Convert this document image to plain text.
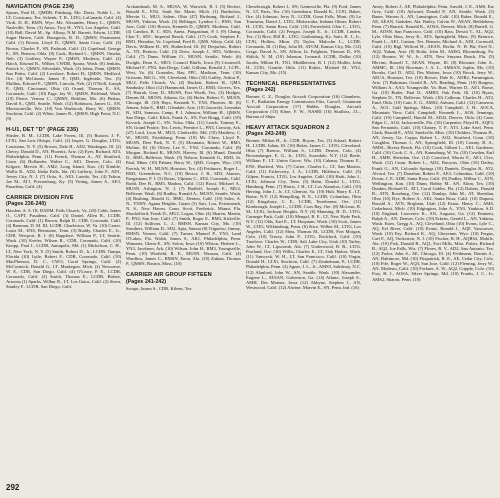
NAVIGATION (PAGE 234)

Spears, Paul H., QMDR, Pittsburg, Mo. Davis, Noble L., Jr. LT, Corsicana, Tex. Schenk, T. R., LTJG, LaCanada, Calif. (4) Virdi, D. H., RMN, Wyo. Me. Alexander, Henry L., QMSN, Nashville, Tenn. (3) Amos, Troy H., YN3, Los Angeles, Calif. (10) Ball, David M., Sp. Allsop, N.M. Barrett, Edwin, LCDR, Sugar Haven, Calif. Bourgeois, R. D., QMSN, Paramount, Calif. (1) Brown, Lloyd D., QMSN, Santa Cruz, Calif. (3) Brown, Charles F., SN, Paducah, Calif. (1) Copeland, George E., SN, Benson, Okla. (8) Cook, Richard L., QMSN, Omaha, Neb. (3) Godfrey, Wayne P., QMSN, Modesto, Calif. (2) Hatch, Edward B., Wilber, CWDR, Sparta, Wash. (6) Jenkins, Patrick S., QMSN, Silverdale, Wash. (3) Johns, Penn, QMSN, San Pedro, Calif. (2) Lovelace, Robert H., QMSN, Medford, Ore. (4) McGinnis, James P., QM3, Ingleside, Tex. (5) Mullins, Edward E., QMSN, Lincoln, Neb. (2) O'Neill, Joseph P., QM3, Cincinnati, Ohio (4) Orand, Thomas E., SA, Coronado, Calif. (10) Page, Jay W., QMSN, Richland, Wash. (10) Pierce, Vernon C., QMSN, Birkline, Mo. (6) Pinkus, David A., QM3, Seattle, Wash. (12) Robinson, James G., SN, Morrisonville, Wis. (10) Von Warbrook, Harry W., QMSN, Stockton, Calif. (2) White, James B., QMSN, High Point, N.C. (9)

H-U1, DET "D" (PAGE 235)

Shisler, R. M., LCDR, Lake Forest, Ill. (5) Buxton, J. F., LTJG, San Luis Obispo, Calif. (2) Jasper, G. Douglas, LTJG, Louisiana, N. Y. (5) Brown, Dale H., AD2, Waukegan, Ill. (2) Cherry, Donald D., AN, Phoenix, Ariz. (2) Eyer, Richard, AT3, Philadelphia, Penn. (11) French, Thomas A., AT, Stratford, Conn. (6) Hollander, Walter C., AE1, Denver, Colo. (4) Kilgore, Mervin H., AM2, Long Island, Kan. (4) Kimble, Wallis R., AD2, Idaho Falls, Ida. (6) Lafferty, John F., AD1, Jersey City, N. J. (7) Ortiz, S., AE3, Laredo, Tex. (4) Tafton, Joe M., AT1, Prestonburg, Ky. (3) Vining, James A., AE3, Pasadena, Calif. (4)

CARRIER DIVISION FIVE

(Pages 236-240)

Hasslen, A. S. III, RADM, Falls Church, Va. (20) Cobb, James O., CAPT, Pasadena, Calif. (3) Daniel, Allen B., LCDR, Coronado, Calif. (1) Brown, Ralph D., CDR, Coronado, Calif. (4) Brennan, D. M. III, LCDR, Charleston, W. Va. (10) Caster, Louis M., ENS, Bernstone, Tenn. (3) Ruddy, Charles E., Jr., CDR, Newport, R. I. (6) Rappleye, William P., LT, Seattle, Wash. (10) Keefer, Wilson R., CDR, Coronado, Calif. (10) Knopp, Paul J., LCDR, Annapolis, Md. (1) Mickelson, C. H., LT, New York, N. Y. (5) Smith, Robert D., Jr., LCDR, Tampa, Florida (10) Lytle, Robert F., CDR, Coronado, Calif. (10) MacPherson, D. C., CWO, Coral Springs, Calif. (2) McCormick, Donald G., LT, Muskegon, Mich. (2) Newsome, W. E., CDR, San Diego, Calif. (4) O'Leary, P. E., LCDR, Coronado, Calif. (2) Smith, Thomas E., LCDR, Bisbee, Arizona (1) Sparks, Wilbur R., LT, Los Gatos, Calif. (2) Steen, Stanley F., LCDR, San Diego, Calif.

Archambault, M. A., MUSA, W. Warwick, R. I. (5) Becker, Ronald E., EN2, Sault Ste. Marie, Mich. (1) Bartholow, Mervin G., MU3, Salem, Ohio (47) Birdsong, Richard J., MUSN, Yakima, Wash. (3) Bellinger, Lyndon C., RM1, San Jose, Calif. (10) Brown, Kenneth D., QMSN, Modesto, Calif. (4) Cantlon, B. C. SD3, Aneta, Pangasinan, P. I. (9) Chang, Chai T., SDC, Imperial Beach, Calif. (17) Cook, Stephen F., RM1, Herndon, Va. Copeland, Fred R., QMS, Valejo, Calif. (4) Davis, William H., SN, Rutherford, Ill. (8) Desjarlais, Robert A., TN, Benicia, Calif. (3) Drew, Joseph J., SD3, Vallecito, Calif. (7) Dunn, William O., MUSN, Seattle, Wash. (6) Dwight, Dean A., MU3, Council Bluffs, Iowa (9) Cromwell, Michael F., PN3, San Diego, Calif. Gilliam, Ronald J., LCPL, West, Va. (6) Gonzales, Ray, FPC, Madison, Tenn. (10) Grissom, Bill G., SN, Cleveland, Ohio (10) Guffey, Arthur P., MU2, Falls Church, Va. (4) Hackett, Robert H., QM3, Sandusky, Ohio (12) Hammond, James O., RM3, Groves, Tex. (7) Harrah, Gary D., MUSN, Fort Worth, Tex. (3) Hodges, Dennis M., MUSN, Atlanta, Ga. (6) Hofer, Robert V., MUSN, Chicago, Ill. (10) Hays, Kenneth V., YN3, Phoenix, Ill. (6) Jensen, John E., RM1, Glendale, Ariz. (10) Jaworski, Leonidas B., SD3, Samson, Camp, P. I. Johnson, William H., QMSN, San Diego, Calif. Klick, Frank A., SN, Fort Bragg, Calif. (10) Kovach, Joseph C., SN, Tulsa, Okla. (11) Leach, Tommy E., SN, Grand Prairie, Tex. Lewis, Prentice L., PN3, Conway, Ark. (27) Lord, Leon M., MU3, Clarksville, Md. (10) Matthew, C. W., MUSN, Friedsburg, Penn. (10) Mc Chew, Lloyd P., MUSN, Deer Park, N. Y. (5) Mountain, Robert W., RM3, Moline, Ill. (6) Oliver, Lee S., YN2, Coronado, Calif. (8) Morgan, Richard R., MUSN, Harvey, Ill. (6) Mund, Donald D., RM3, Bellevue, Wash. (5) Nelson, Kenneth G., BM3, St. Paul, Minn. (10) Palmer, Barry W., QM3, Cooper, Wyo. (10) Parrish, W. H., MUSN, Houston, Tex. (4) Pridmore, Roger L., RM3, Greensboro, N.C. (10) Rector, J. R., SD3, Alamos, Pangasinan, P. I. (5) Rosas, Ulpiano C., SD2, Coronado, Calif. Rodd, Dee B., RM3, Madras, Calif. (12) Rossi, Michael A., MUSN, Arlington, N. J. (7) Rudloff, Joseph E., MU2, Bellevue, Wash. (6) Rudley, Ronald A., MUSN, Seattle, Wash. (4) Rushing, Harold G., BMC, Denton, Calif. (10) Sales, A. N., YNSN, Agana Heights, Guam (3) Sari, Lou, Portsmouth, N. S., New Haven, Conn. Scott, Frederick, Miami, Fla. Shackelford, Frank D., MU2, Logan, Ohio (4) Skaren, Martin, P., PN2, San Jose, Calif. (7) Smith, Roger E., RM3, Kirkville, Ill. (12) Sullivan, L. J., RMSN, Kansas City, Mo. (10) Struthers, William D., SD2, Apia, Samoa (8) Trigueiro, Jimmy, RMSN, Vernon, Calif. (7) Turner, Manuel P., YN3, Land O'Lakes, Fla. Walsh, James S., AK1, Philadelphia, Penn. Wanuner, Glenn E., SN, Solon, Iowa (10) Wilson, Herbert L., YN3, Jacobsen, Ark. (10) Wilson, John H., RM3, Youngsville, Penn. (10) Winfield, R. E., MUSN, Wausau, Calif. (4) Wardlow, James C., RMSN, Enon, Ala. (10) Zakian, Thomas P., QMSN, Boston, Mass. (10)

CARRIER AIR GROUP FIFTEEN

(Pages 241-242)

Swope, James S., CDR, Kileen, Tex.

Chesebrough, Robert J., SN, Gainesville, Fla. (9) Ford, James N., LT, Paris, Tex. (10) Greenburn, Donald K., LTJG, Baker, Ore. (4) Johnson, Jerry N., LCDR, Great Falls, Mont. (9) Le Tourneau, David J., LTJG, Mishawaka, Indiana Olmer, Robert H., LTJG, Santa Rosa, Calif. (10) Porterfield, Glen C., LTJG, Coronado, Calif. (2) Feegan, Joseph E., Jr., LCDR, Linden, Tex. (1) Rice, Bill R., LTJG, Gatlinsburg, Ky. Satti, R. J., Jr., LTJG, Hollins, Minn. (5) Taylor, Malcolm L., LCDR, Coronado, Ill. (1) Ray, John M., AYCM, Kansas City, Mo. (12) Crage, David A., SN, Affton, Ia. Fulghum, Thomas D., SN, Shiloh, N. M. (10) Johnson, Leonard, LCDR, Dallas (10) Jacobs, Milton H., TN1, Middletown, R. I. (12) Mullin, John H., LTJG, Granite, Okla. (11) Rokitz, Michael M., YN2, Kansas City, Mo. (15)

TECHNICAL REPRESENTATIVES

(Pages 242)

Bonner, C. Z., Douglas Aircraft Corporation (16) Chambers, C. F., Radiation Energy Commission Fitts, Carroll, Grumman Aircraft Corporation (17) Hubbs, Douglas, Aircraft Corporation (13) Kline, F. W., NASRI (16) Skulltiss, J.L., Bureau of Ships

HEAVY ATTACK SQUADRON 2

(Pages 243-249)

Bremer, Milton H., Jr., CDR, Boyon, Tex. (3) Schaaf, Robert H., LCDR, Julian, Ill. (10) Baker, James C., LTJG, Cleveland, Ohio (7) Bartow, William S., LCDR, Denver, Colo. (4) Brownsbarger, E. G., Jr., LTJG, Scarsdale, N.Y. (12) Beale, William F., LT, Union Grove, Wis. (10) Cabana, Thomas E., ENS, Hartford, Wis. (7) Carter, Charles L., LT, San Marino, Calif. (11) Etcheverry, J. A., LCDR, Hillsboro, Calif. (5) Gilpen, Francis, LTJG, Los Angeles, Calif. (10) Hark, John J., LTJG, Johnson City, Tenn. (5) Hahn, Donald L., LTJG, Hamburg, Penn. (7) Harris, J. H., LT, Los Alamitos, Calif. (10) Herring, John J., Jr., LT, Glenvar, Va. (10) Hult, Harry E., LT, Rome, N.Y. (12) Hempfling, R. E., LCDR, Columbus, Ohio (12) Kingsbury, C. E., LCDR, Terrebonne, Ore. (11) Kimbrough, Joseph L., LCDR, Coos Bay, Ore. (8) McLean, R. M., LTJG, Jackson Heights, N.Y. (6) Manning, H. D., LTJG, Carnegie Park, Calif. (10) Mengel, R. E., LT, New Hyde Park, N.Y. (12) Olds, Earl E., LT, Hoquiam, Wash. (10) Scott, James W., LTJG, Wilkinsburg, Penn. (6) Stice, Wilber M., LTJG, Los Angeles, Calif. (12) Shea, Thomas M., LCDR, Fort Morgan, Colo. (10) Tracey, John P., LTJG, Rockford, Calif. (10) Truelove, Charles W., CDR, Salt Lake City, Utah (10) Tarley, John W., LT, Lipscomb, Ala. (7) Underwood, B. R., LTJG, Portland, Ore. (10) Willis, Charles E., LT, Oak Harbor, Wash. (11) Vanwyck, W. H., LT, San Francisco, Calif. (10) Virgin, Donald H., LTJG, Stockton, Calif. (7) Zimbelman, P., LCDR, Philadelphia, Penn. (4) Agner, J. L., Jr., AMS3, Salisbury, N.C. (12) Alanlord, John W., AN, Seattle, Wash. (10) Alexander, Eugene L., ATSAN, Galveston, Ga. (14) Alfano, Joseph S., AMH, Des Moines, Iowa (12) Akbyne, Stephen J., AN, Westwood, Calif. (12) Alwine, Marvin E., SN, Penn, Ind. (16)

Amey, Robert J., AE, Philadelphia, Penn. Arnold, J. E., AMS, Ear Grey, Calif. (10) Aylward, Donald P., AN, Seattle, Wash. (5) Bauer, Warren A., AN, Lansington, Calif. (10) Baker, Ronald E., AE, AEAN, Gadsden, Ala. Bailey, Calvin W., AEAN, Bethlehem, Penn. (7) Barrick, Ronald K., AOSA, Denver, Mich. (8) Bartell, G. M., AOSN, San Francisco, Calif. (10) Bass, Dewitt T., AL, AQ2, Lyle, Ohio Bass, Jerry K., ATS, Springfield, Mass. (9) Beatrice, Frank L., AE1, Canton, Tex. Benson, Michael A., ADJ, Cornwall, Calif. (10) Bigl, Wilford H., AEAN, Berlin, N. H. Bir, Fred N., AQ2, Yuban, Ariz. (8) Bolin, John M., AMS3, Bloomsburg, Pa. (12) Bourne, W. W., Jr., ATN, New Smyrna Beach, Fla. (5) Blevins, Russell T., AEAN, Wayne, Ill. (8) Blossner, John A., AMMC, Ill. (16) Bowman, J. A. L., AMSAN, Joplin, Mo. (10) Brooks, Carl D., AD2, Des Moines, Iowa (10) Brock, Jerry W., AECA, Houston, Tex. (10) Brown, Dale K., ADR2, Farmington, Ariz. (7) Buhrman, Gerald R., AN, Reading, Penn. (10) Burgess, William A., AA3, Youngsville, Va. Burt, Warren D., AE1, Rome, Ga. (10) Butler, Paul D., AMH3, Oak Park, Ill. (10) Byars, Stephen D., TN, Bellevue, Wash. (10) Calhoun, Charles H., AT2, Enid, Okla. (10) Cain, E. G., AMS2, Auburn, Calif. (12) Cameron, A., AO1, Gulf Springs, Mass. (10) Campbell, J. H., AOCA, Mountain View, Calif. Campbell, Kenneth L., AOS, Jennings, Calif. (10) Campbell, Harold M., ADJ2, Denver, Okla. (4) Cane, Edgar C., AO2, Jacksonville, Fla. (10) Carpenter, Floyd H., AQF3, San Fernando, Calif. (10) Chaney, T. F., AT3, Lake Ariel, Penn. Clark, Harold E., AN2, Starkville, Miss. (10) Childers, Thomas H., AN, Jersey, Ga. Coppa, Robert L., AO2, Stratford, Conn. (10) Coughlin, Thomas J., AN, Springfield, Ill. (10) County, B. A., AMSL, Rivera Beach, Fla. (10) Cook, Gilbert L., AE1, Gardener, Calif. (10) Cook, C. A., AN, Kannaburg, W. Va. (10) Cowden, Earl H., AMH, Sheridan, Ore. (12) Crawford, Morris E., AE1, Cleo, Wash. (12) Crum, Robert L., AD2, Bucyrus, Ohio (10) Dailey, Frank G., AN, Colorado Springs (10) Daniels, Douglas R., AT2, Alvord, Tex. (7) Donahue, Robert E., AE3, Columbus, Calif. (10) Doran, J. P., ADR, Santa Rosa, Calif. (9) Dudley, Wilbur C., ATN, Wellington, Kan. (10) Dunn, Bobby M., AN, Alton, Tex. (10) Dunkin, Richard D., AT1, Coral Gables, Fla. (12) Dubois, Donald R., ATN, Roseburg, Ore. (12) Dunlap, John M., AT, Sheridan, Ohio (10) Dye, Robert A., AE2, Santa Rosa, Calif. (10) Dupont, Ronald A., ATN, Brigham, Utah (12) Eaton, Henry C., AMS, Cedarhurst, Mich. (10) Edgington, John A., YN3, Yankton, S.D. (10) England, Lawrence K., AN, Augusta, Ga. (12) Eminent, Ralph A., AN, Denver, Colo. (10) Erkens, Gerald L., AN, Yakima, Wash. Estes, Gregg A., AQ, Cleveland, Ohio (10) Evans, Lyle C., AQ, Eel River, Calif. (10) Evans, Ronald J., AQF, Vancouver, Wash. (10) Fay, Richard K., AQ, Cheyenne, Wyo. (10) Fergus, Carl F., AQ, Tuckerton, N. J. (10) Fischer, R. H., AQRS2, Mobile, Ala. (10) Fisk, Donald R., AQ1, Fort Mills, Miss. Fisher, Richard R., AQ2, Joe Falls, Wis. (7) Flores, R. V., AD2, San Antonio, Tex. (12) Fodor, John S., AE, Chicago, Ill. (4) Feldmann, Dennis A., AN, Baltimore, Md. (10) Fitzpatrick, R. E., AE, Cedar City, Colo. (10) Fife, Roger W., AQ3, San Jose, Calif. (12) Fleming, Jerry W., AN, Modesto, Calif. (10) Forkner, A. W., AQ2, Cripple, Colo. (10) Fray, H. J., AOSA, Silver Springs, Md. (10) Franks, J. C., Jr., AMS2, Sharon, Penn. (10)

292
